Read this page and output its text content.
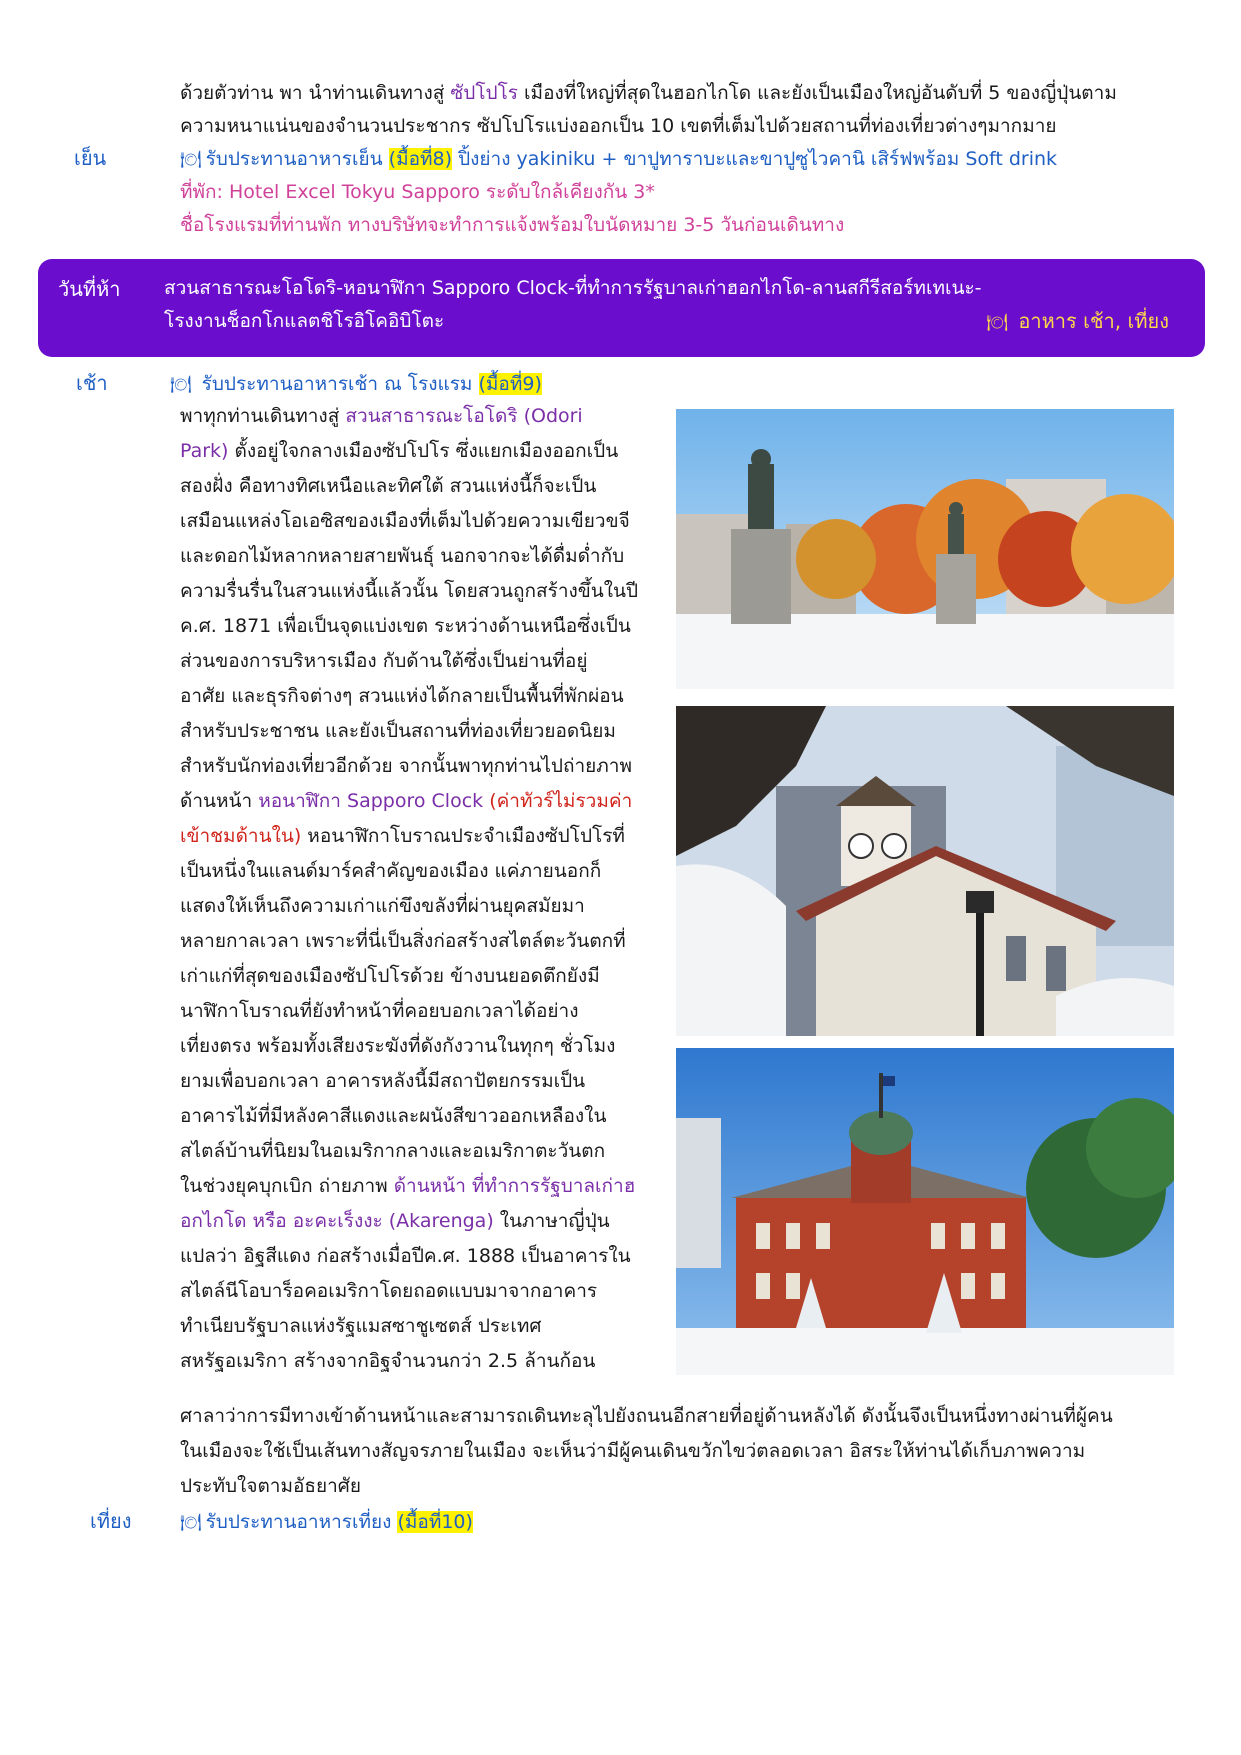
ด้วยตัวท่าน พา นำท่านเดินทางสู่ ซัปโปโร เมืองที่ใหญ่ที่สุดในฮอกไกโด และยังเป็นเมืองใหญ่อันดับที่ 5 ของญี่ปุ่นตาม
ความหนาแน่นของจำนวนประชากร ซัปโปโรแบ่งออกเป็น 10 เขตที่เต็มไปด้วยสถานที่ท่องเที่ยวต่างๆมากมาย
เย็น	🍽 รับประทานอาหารเย็น (มื้อที่8) ปิ้งย่าง yakiniku + ขาปูทาราบะและขาปูซูไวคานิ เสิร์ฟพร้อม Soft drink
ที่พัก: Hotel Excel Tokyu Sapporo ระดับใกล้เคียงกัน 3*
ชื่อโรงแรมที่ท่านพัก ทางบริษัทจะทำการแจ้งพร้อมใบนัดหมาย 3-5 วันก่อนเดินทาง
วันที่ห้า สวนสาธารณะโอโดริ-หอนาฬิกา Sapporo Clock-ที่ทำการรัฐบาลเก่าฮอกไกโด-ลานสกีรีสอร์ทเทเนะ-
โรงงานช็อกโกแลตชิโรอิโคอิบิโตะ	🍽 อาหาร เช้า, เที่ยง
เช้า	🍽 รับประทานอาหารเช้า ณ โรงแรม (มื้อที่9)
พาทุกท่านเดินทางสู่ สวนสาธารณะโอโดริ (Odori
Park) ตั้งอยู่ใจกลางเมืองซัปโปโร ซึ่งแยกเมืองออกเป็น
สองฝั่ง คือทางทิศเหนือและทิศใต้ สวนแห่งนี้ก็จะเป็น
เสมือนแหล่งโอเอซิสของเมืองที่เต็มไปด้วยความเขียวขจี
และดอกไม้หลากหลายสายพันธุ์ นอกจากจะได้ดื่มด่ำกับ
ความรื่นรื่นในสวนแห่งนี้แล้วนั้น โดยสวนถูกสร้างขึ้นในปี
ค.ศ. 1871 เพื่อเป็นจุดแบ่งเขต ระหว่างด้านเหนือซึ่งเป็น
ส่วนของการบริหารเมือง กับด้านใต้ซึ่งเป็นย่านที่อยู่
อาศัย และธุรกิจต่างๆ สวนแห่งได้กลายเป็นพื้นที่พักผ่อน
สำหรับประชาชน และยังเป็นสถานที่ท่องเที่ยวยอดนิยม
สำหรับนักท่องเที่ยวอีกด้วย จากนั้นพาทุกท่านไปถ่ายภาพ
ด้านหน้า หอนาฬิกา Sapporo Clock (ค่าทัวร์ไม่รวมค่า
เข้าชมด้านใน) หอนาฬิกาโบราณประจำเมืองซัปโปโรที่
เป็นหนึ่งในแลนด์มาร์คสำคัญของเมือง แค่ภายนอกก็
แสดงให้เห็นถึงความเก่าแก่ขึงขลังที่ผ่านยุคสมัยมา
หลายกาลเวลา เพราะที่นี่เป็นสิ่งก่อสร้างสไตล์ตะวันตกที่
เก่าแก่ที่สุดของเมืองซัปโปโรด้วย ข้างบนยอดตึกยังมี
นาฬิกาโบราณที่ยังทำหน้าที่คอยบอกเวลาได้อย่าง
เที่ยงตรง พร้อมทั้งเสียงระฆังที่ดังกังวานในทุกๆ ชั่วโมง
ยามเพื่อบอกเวลา อาคารหลังนี้มีสถาปัตยกรรมเป็น
อาคารไม้ที่มีหลังคาสีแดงและผนังสีขาวออกเหลืองใน
สไตล์บ้านที่นิยมในอเมริกากลางและอเมริกาตะวันตก
ในช่วงยุคบุกเบิก ถ่ายภาพ ด้านหน้า ที่ทำการรัฐบาลเก่าฮ
อกไกโด หรือ อะคะเร็งงะ (Akarenga) ในภาษาญี่ปุ่น
แปลว่า อิฐสีแดง ก่อสร้างเมื่อปีค.ศ. 1888 เป็นอาคารใน
สไตล์นีโอบาร็อคอเมริกาโดยถอดแบบมาจากอาคาร
ทำเนียบรัฐบาลแห่งรัฐแมสซาชูเซตส์ ประเทศ
สหรัฐอเมริกา สร้างจากอิฐจำนวนกว่า 2.5 ล้านก้อน
ศาลาว่าการมีทางเข้าด้านหน้าและสามารถเดินทะลุไปยังถนนอีกสายที่อยู่ด้านหลังได้ ดังนั้นจึงเป็นหนึ่งทางผ่านที่ผู้คน
ในเมืองจะใช้เป็นเส้นทางสัญจรภายในเมือง จะเห็นว่ามีผู้คนเดินขวักไขว่ตลอดเวลา อิสระให้ท่านได้เก็บภาพความ
ประทับใจตามอัธยาศัย
เที่ยง	🍽 รับประทานอาหารเที่ยง (มื้อที่10)
